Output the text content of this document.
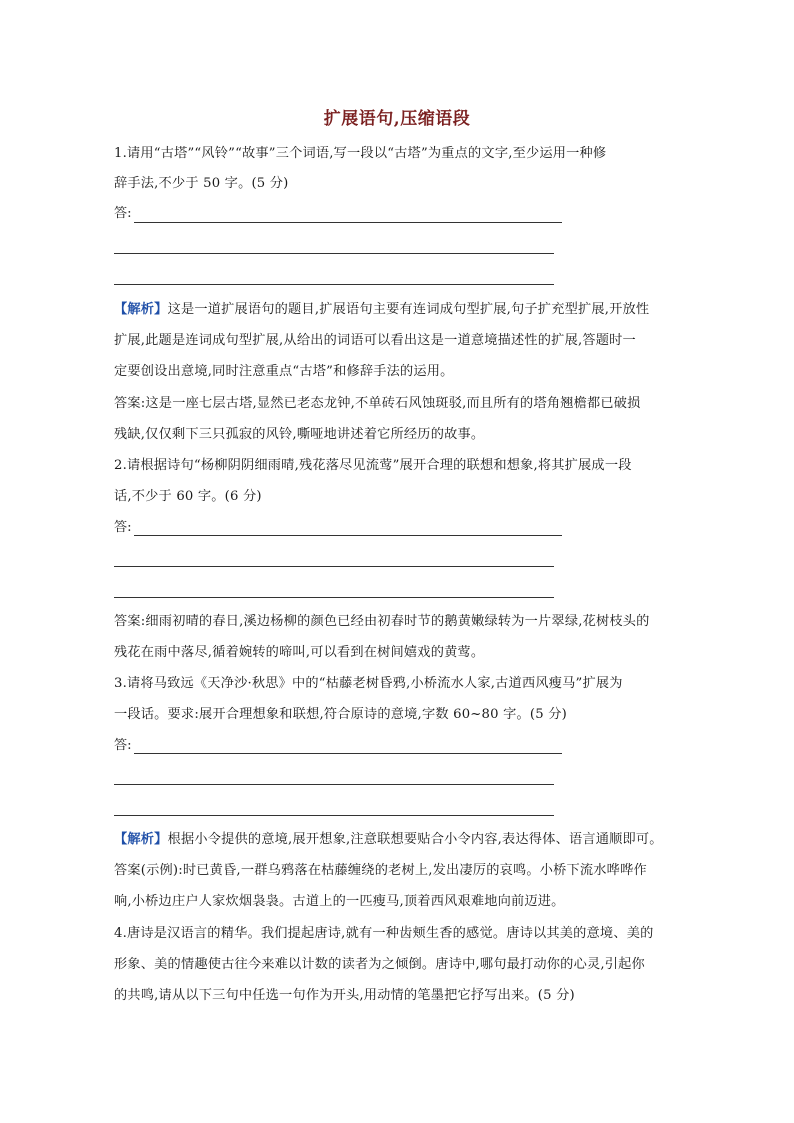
扩展语句,压缩语段
1.请用“古塔”“风铃”“故事”三个词语,写一段以“古塔”为重点的文字,至少运用一种修
辞手法,不少于 50 字。(5 分)
答:
【解析】这是一道扩展语句的题目,扩展语句主要有连词成句型扩展,句子扩充型扩展,开放性
扩展,此题是连词成句型扩展,从给出的词语可以看出这是一道意境描述性的扩展,答题时一
定要创设出意境,同时注意重点“古塔”和修辞手法的运用。
答案:这是一座七层古塔,显然已老态龙钟,不单砖石风蚀斑驳,而且所有的塔角翘檐都已破损
残缺,仅仅剩下三只孤寂的风铃,嘶哑地讲述着它所经历的故事。
2.请根据诗句“杨柳阴阴细雨晴,残花落尽见流莺”展开合理的联想和想象,将其扩展成一段
话,不少于 60 字。(6 分)
答:
答案:细雨初晴的春日,溪边杨柳的颜色已经由初春时节的鹅黄嫩绿转为一片翠绿,花树枝头的
残花在雨中落尽,循着婉转的啼叫,可以看到在树间嬉戏的黄莺。
3.请将马致远《天净沙·秋思》中的“枯藤老树昏鸦,小桥流水人家,古道西风瘦马”扩展为
一段话。要求:展开合理想象和联想,符合原诗的意境,字数 60~80 字。(5 分)
答:
【解析】根据小令提供的意境,展开想象,注意联想要贴合小令内容,表达得体、语言通顺即可。
答案(示例):时已黄昏,一群乌鸦落在枯藤缠绕的老树上,发出凄厉的哀鸣。小桥下流水哗哗作
响,小桥边庄户人家炊烟袅袅。古道上的一匹瘦马,顶着西风艰难地向前迈进。
4.唐诗是汉语言的精华。我们提起唐诗,就有一种齿颊生香的感觉。唐诗以其美的意境、美的
形象、美的情趣使古往今来难以计数的读者为之倾倒。唐诗中,哪句最打动你的心灵,引起你
的共鸣,请从以下三句中任选一句作为开头,用动情的笔墨把它抒写出来。(5 分)
